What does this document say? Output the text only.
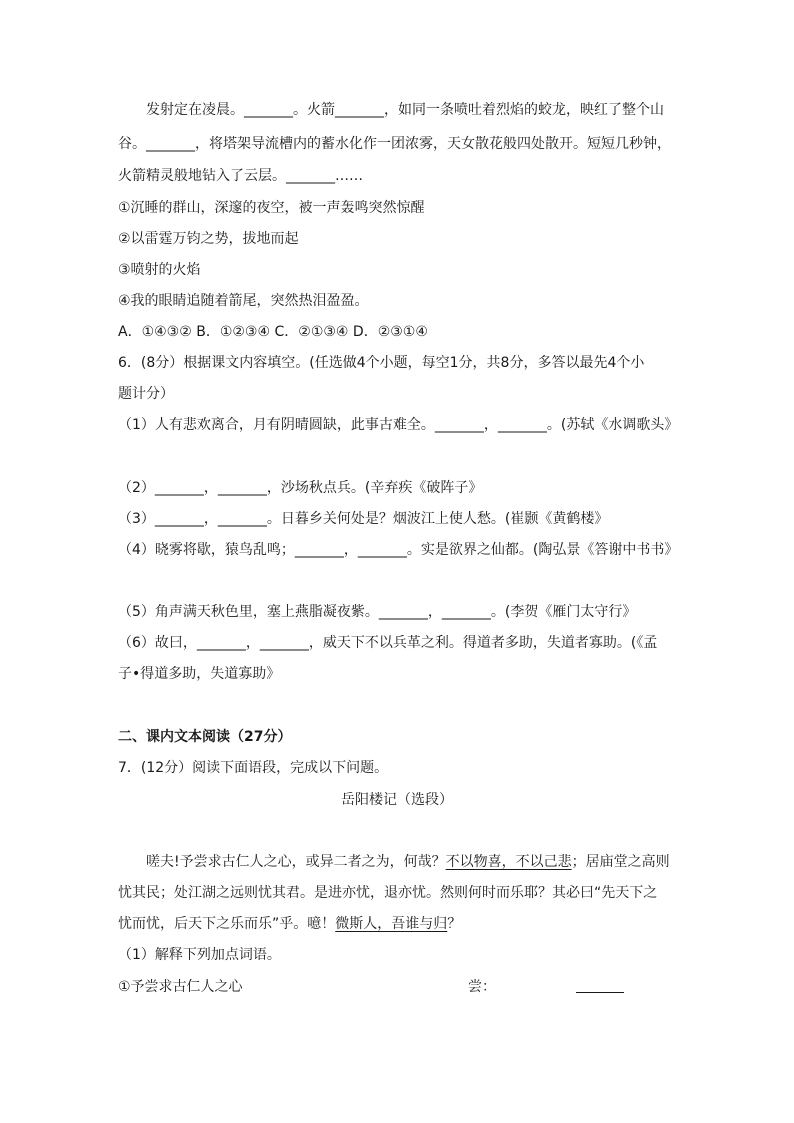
发射定在凌晨。_______。火箭_______，如同一条喷吐着烈焰的蛟龙，映红了整个山
谷。_______，将塔架导流槽内的蓄水化作一团浓雾，天女散花般四处散开。短短几秒钟，
火箭精灵般地钻入了云层。_______……
①沉睡的群山，深邃的夜空，被一声轰鸣突然惊醒
②以雷霆万钧之势，拔地而起
③喷射的火焰
④我的眼睛追随着箭尾，突然热泪盈盈。
A．①④③② B．①②③④ C．②①③④ D．②③①④
6．(8分）根据课文内容填空。(任选做4个小题，每空1分，共8分，多答以最先4个小
题计分）
（1）人有悲欢离合，月有阴晴圆缺，此事古难全。_______，_______。(苏轼《水调歌头》
（2）_______，_______，沙场秋点兵。(辛弃疾《破阵子》
（3）_______，_______。日暮乡关何处是？烟波江上使人愁。(崔颢《黄鹤楼》
（4）晓雾将歇，猿鸟乱鸣；_______，_______。实是欲界之仙都。(陶弘景《答谢中书书》
（5）角声满天秋色里，塞上燕脂凝夜紫。_______，_______。(李贺《雁门太守行》
（6）故曰，_______，_______，威天下不以兵革之利。得道者多助，失道者寡助。(《孟
子•得道多助，失道寡助》
二、课内文本阅读（27分）
7．(12分）阅读下面语段，完成以下问题。
岳阳楼记（选段）
嗟夫!予尝求古仁人之心，或异二者之为，何哉？不以物喜，不以己悲；居庙堂之高则
忧其民；处江湖之远则忧其君。是进亦忧，退亦忧。然则何时而乐耶？其必曰“先天下之
忧而忧，后天下之乐而乐”乎。噫！微斯人，吾谁与归？
（1）解释下列加点词语。
①予尝求古仁人之心	尝：
